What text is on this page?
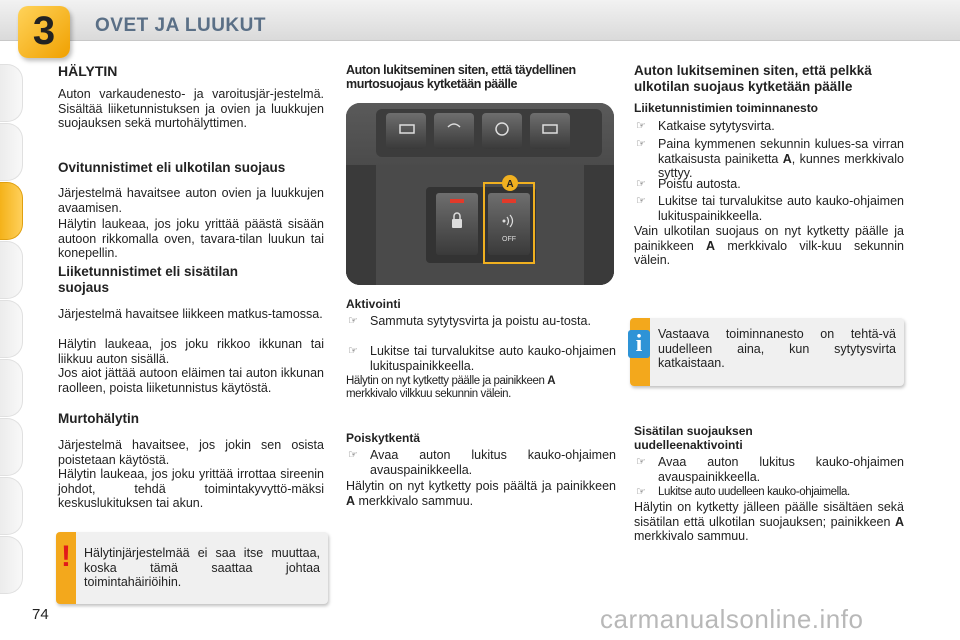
3	OVET JA LUUKUT
HÄLYTIN
Auton varkaudenesto- ja varoitusjär-jestelmä. Sisältää liiketunnistuksen ja ovien ja luukkujen suojauksen sekä murtohälyttimen.
Ovitunnistimet eli ulkotilan suojaus
Järjestelmä havaitsee auton ovien ja luukkujen avaamisen.
Hälytin laukeaa, jos joku yrittää päästä sisään autoon rikkomalla oven, tavara-tilan luukun tai konepellin.
Liiketunnistimet eli sisätilan
suojaus
Järjestelmä havaitsee liikkeen matkus-tamossa.
Hälytin laukeaa, jos joku rikkoo ikkunan tai liikkuu auton sisällä.
Jos aiot jättää autoon eläimen tai auton ikkunan raolleen, poista liiketunnistus käytöstä.
Murtohälytin
Järjestelmä havaitsee, jos jokin sen osista poistetaan käytöstä.
Hälytin laukeaa, jos joku yrittää irrottaa sireenin johdot, tehdä toimintakyvyttö-mäksi keskuslukituksen tai akun.
!	Hälytinjärjestelmää ei saa itse muuttaa, koska tämä saattaa johtaa toimintahäiriöihin.
74
Auton lukitseminen siten, että täydellinen murtosuojaus kytketään päälle
OFF
A
Aktivointi
☞ Sammuta sytytysvirta ja poistu au-tosta.
☞ Lukitse tai turvalukitse auto kauko-ohjaimen lukituspainikkeella.
Hälytin on nyt kytketty päälle ja painikkeen A
merkkivalo vilkkuu sekunnin välein.
Poiskytkentä
☞ Avaa auton lukitus kauko-ohjaimen avauspainikkeella.
Hälytin on nyt kytketty pois päältä ja painikkeen A merkkivalo sammuu.
Auton lukitseminen siten, että pelkkä ulkotilan suojaus kytketään päälle
Liiketunnistimien toiminnanesto
☞ Katkaise sytytysvirta.
☞ Paina kymmenen sekunnin kulues-sa virran katkaisusta painiketta A, kunnes merkkivalo syttyy.
☞ Poistu autosta.
☞ Lukitse tai turvalukitse auto kauko-ohjaimen lukituspainikkeella.
Vain ulkotilan suojaus on nyt kytketty päälle ja painikkeen A merkkivalo vilk-kuu sekunnin välein.
i	Vastaava toiminnanesto on tehtä-vä uudelleen aina, kun sytytysvirta katkaistaan.
Sisätilan suojauksen
uudelleenaktivointi
☞ Avaa auton lukitus kauko-ohjaimen avauspainikkeella.
☞ Lukitse auto uudelleen kauko-ohjaimella.
Hälytin on kytketty jälleen päälle sisältäen sekä sisätilan että ulkotilan suojauksen; painikkeen A merkkivalo sammuu.
carmanualsonline.info
